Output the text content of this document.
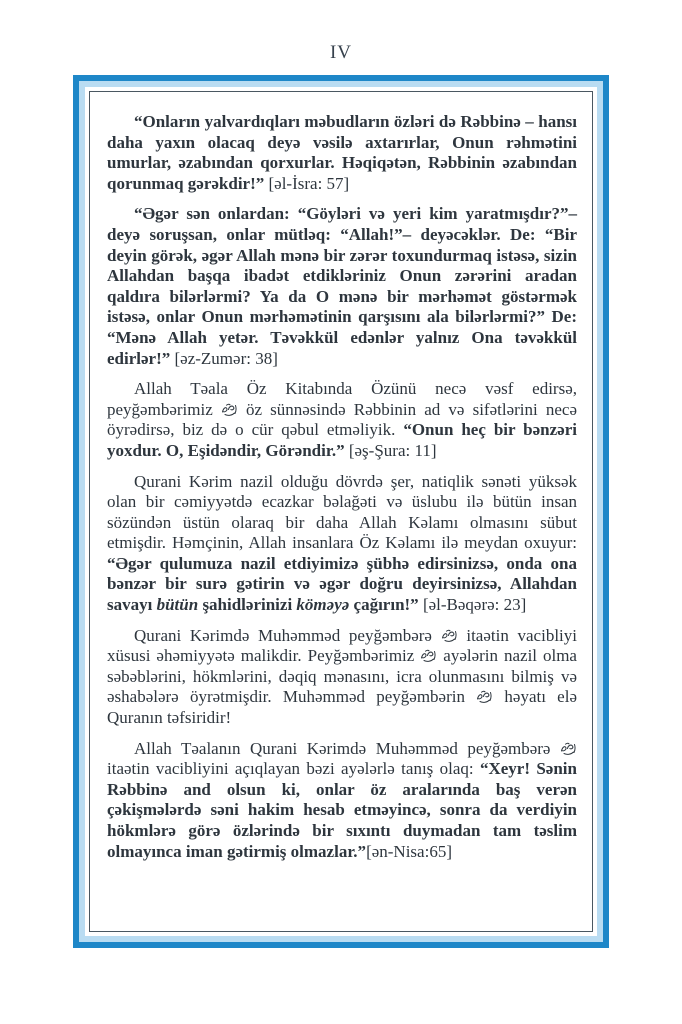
IV

“Onların yalvardıqları məbudların özləri də Rəbbinə – hansı daha yaxın olacaq deyə vəsilə axtarırlar, Onun rəhmətini umurlar, əzabından qorxurlar. Həqiqətən, Rəbbinin əzabından qorunmaq gərəkdir!” [əl-İsra: 57]

“Əgər sən onlardan: “Göyləri və yeri kim yaratmışdır?”– deyə soruşsan, onlar mütləq: “Allah!”– deyəcəklər. De: “Bir deyin görək, əgər Allah mənə bir zərər toxundurmaq istəsə, sizin Allahdan başqa ibadət etdikləriniz Onun zərərini aradan qaldıra bilərlərmi? Ya da O mənə bir mərhəmət göstərmək istəsə, onlar Onun mərhəmətinin qarşısını ala bilərlərmi?” De: “Mənə Allah yetər. Təvəkkül edənlər yalnız Ona təvəkkül edirlər!” [əz-Zumər: 38]

Allah Təala Öz Kitabında Özünü necə vəsf edirsə, peyğəmbərimiz
öz sünnəsində Rəbbinin ad və sifətlərini necə öyrədirsə, biz də o cür qəbul etməliyik. “Onun heç bir bənzəri yoxdur. O, Eşidəndir, Görəndir.” [əş-Şura: 11]

Qurani Kərim nazil olduğu dövrdə şer, natiqlik sənəti yüksək olan bir cəmiyyətdə ecazkar bəlağəti və üslubu ilə bütün insan sözündən üstün olaraq bir daha Allah Kəlamı olmasını sübut etmişdir. Həmçinin, Allah insanlara Öz Kəlamı ilə meydan oxuyur: “Əgər qulumuza nazil etdiyimizə şübhə edirsinizsə, onda ona bənzər bir surə gətirin və əgər doğru deyirsinizsə, Allahdan savayı bütün şahidlərinizi köməyə çağırın!” [əl-Bəqərə: 23]

Qurani Kərimdə Muhəmməd peyğəmbərə
itaətin vacibliyi xüsusi əhəmiyyətə malikdir. Peyğəmbərimiz
ayələrin nazil olma səbəblərini, hökmlərini, dəqiq mənasını, icra olunmasını bilmiş və əshabələrə öyrətmişdir. Muhəmməd peyğəmbərin
həyatı elə Quranın təfsiridir!

Allah Təalanın Qurani Kərimdə Muhəmməd peyğəmbərə
itaətin vacibliyini açıqlayan bəzi ayələrlə tanış olaq: “Xeyr! Sənin Rəbbinə and olsun ki, onlar öz aralarında baş verən çəkişmələrdə səni hakim hesab etməyincə, sonra da verdiyin hökmlərə görə özlərində bir sıxıntı duymadan tam təslim olmayınca iman gətirmiş olmazlar.”[ən-Nisa:65]
